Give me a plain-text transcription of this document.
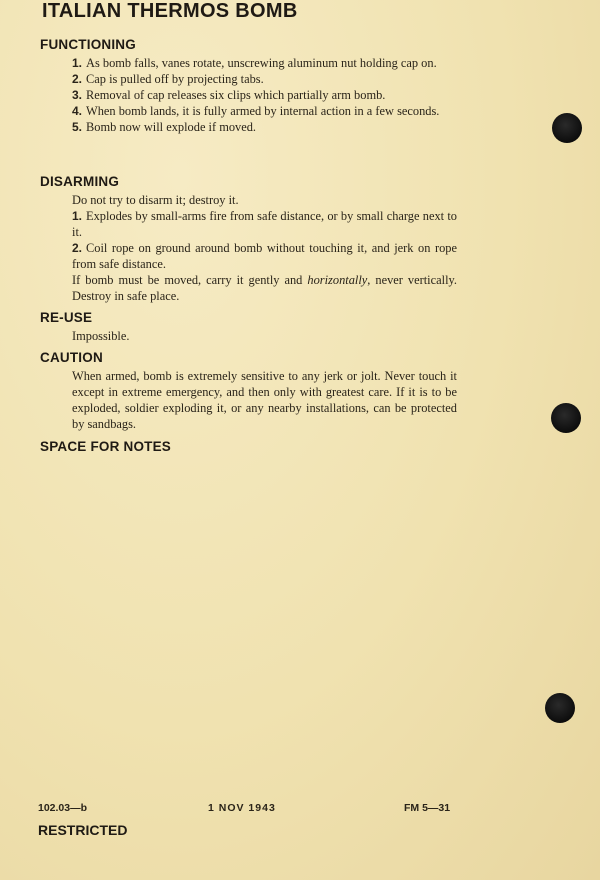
ITALIAN THERMOS BOMB
FUNCTIONING

1. As bomb falls, vanes rotate, unscrewing aluminum nut holding cap on.

2. Cap is pulled off by projecting tabs.

3. Removal of cap releases six clips which partially arm bomb.

4. When bomb lands, it is fully armed by internal action in a few seconds.

5. Bomb now will explode if moved.

DISARMING

Do not try to disarm it; destroy it.

1. Explodes by small-arms fire from safe distance, or by small charge next to it.

2. Coil rope on ground around bomb without touching it, and jerk on rope from safe distance.

If bomb must be moved, carry it gently and horizontally, never vertically. Destroy in safe place.

RE-USE

Impossible.

CAUTION

When armed, bomb is extremely sensitive to any jerk or jolt. Never touch it except in extreme emergency, and then only with greatest care. If it is to be exploded, soldier exploding it, or any nearby installations, can be protected by sandbags.

SPACE FOR NOTES

102.03—b	1 NOV 1943	FM 5—31

RESTRICTED
